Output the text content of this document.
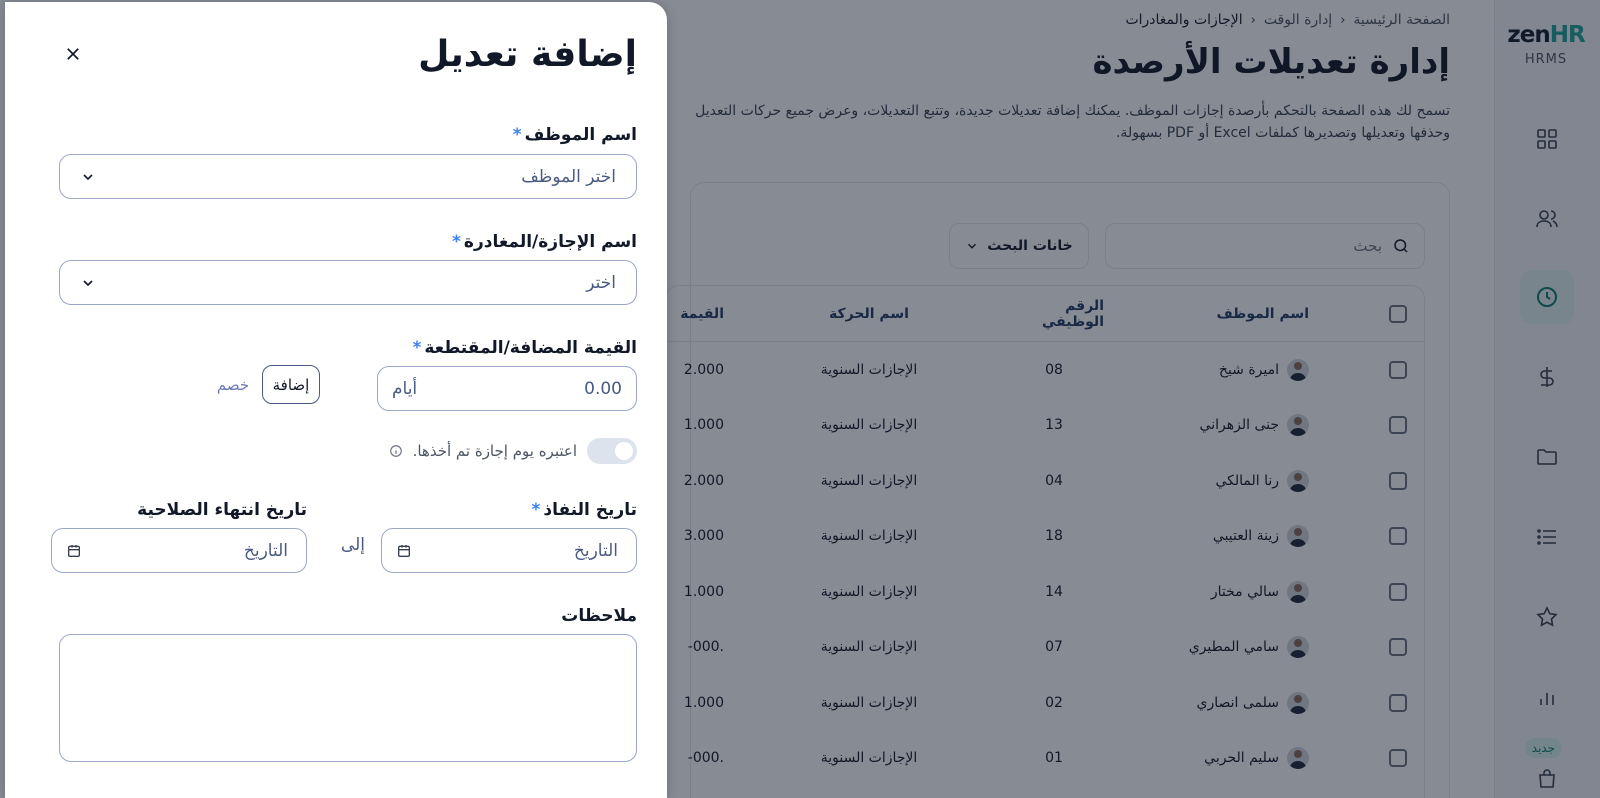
إضافة تعديل
اسم الموظف*
اختر الموظف
اسم الإجازة/المغادرة*
اختر
القيمة المضافة/المقتطعة*
0.00
أيام
إضافة
خصم
اعتبره يوم إجازة تم أخذها.
تاريخ النفاذ*
تاريخ انتهاء الصلاحية
التاريخ
إلى
التاريخ
ملاحظات
